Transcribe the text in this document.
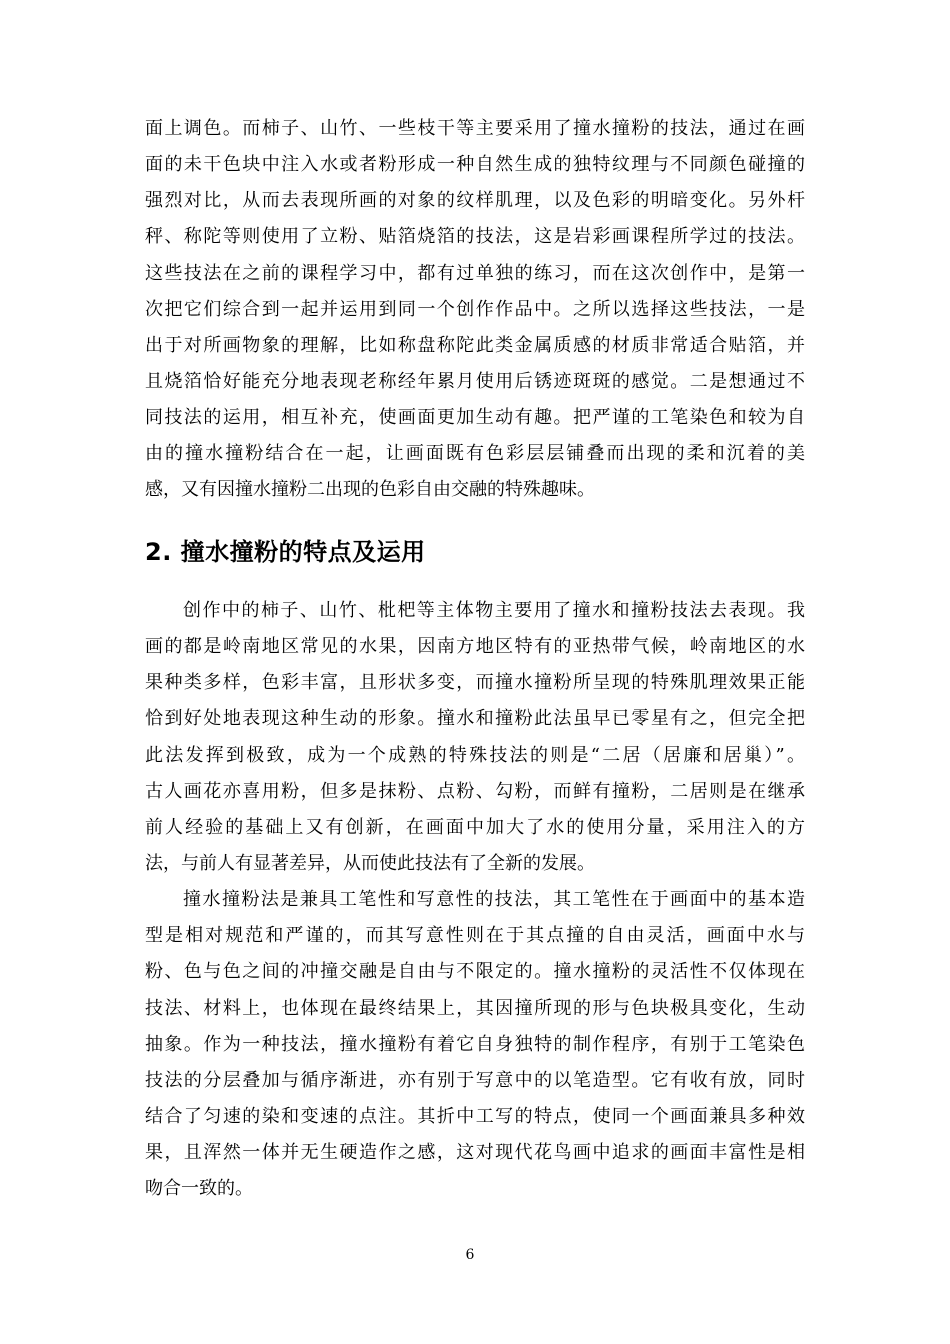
面上调色。而柿子、山竹、一些枝干等主要采用了撞水撞粉的技法，通过在画
面的未干色块中注入水或者粉形成一种自然生成的独特纹理与不同颜色碰撞的
强烈对比，从而去表现所画的对象的纹样肌理，以及色彩的明暗变化。另外杆
秤、称陀等则使用了立粉、贴箔烧箔的技法，这是岩彩画课程所学过的技法。
这些技法在之前的课程学习中，都有过单独的练习，而在这次创作中，是第一
次把它们综合到一起并运用到同一个创作作品中。之所以选择这些技法，一是
出于对所画物象的理解，比如称盘称陀此类金属质感的材质非常适合贴箔，并
且烧箔恰好能充分地表现老称经年累月使用后锈迹斑斑的感觉。二是想通过不
同技法的运用，相互补充，使画面更加生动有趣。把严谨的工笔染色和较为自
由的撞水撞粉结合在一起，让画面既有色彩层层铺叠而出现的柔和沉着的美
感，又有因撞水撞粉二出现的色彩自由交融的特殊趣味。
2. 撞水撞粉的特点及运用
创作中的柿子、山竹、枇杷等主体物主要用了撞水和撞粉技法去表现。我
画的都是岭南地区常见的水果，因南方地区特有的亚热带气候，岭南地区的水
果种类多样，色彩丰富，且形状多变，而撞水撞粉所呈现的特殊肌理效果正能
恰到好处地表现这种生动的形象。撞水和撞粉此法虽早已零星有之，但完全把
此法发挥到极致，成为一个成熟的特殊技法的则是“二居（居廉和居巢）”。
古人画花亦喜用粉，但多是抹粉、点粉、勾粉，而鲜有撞粉，二居则是在继承
前人经验的基础上又有创新，在画面中加大了水的使用分量，采用注入的方
法，与前人有显著差异，从而使此技法有了全新的发展。
撞水撞粉法是兼具工笔性和写意性的技法，其工笔性在于画面中的基本造
型是相对规范和严谨的，而其写意性则在于其点撞的自由灵活，画面中水与
粉、色与色之间的冲撞交融是自由与不限定的。撞水撞粉的灵活性不仅体现在
技法、材料上，也体现在最终结果上，其因撞所现的形与色块极具变化，生动
抽象。作为一种技法，撞水撞粉有着它自身独特的制作程序，有别于工笔染色
技法的分层叠加与循序渐进，亦有别于写意中的以笔造型。它有收有放，同时
结合了匀速的染和变速的点注。其折中工写的特点，使同一个画面兼具多种效
果，且浑然一体并无生硬造作之感，这对现代花鸟画中追求的画面丰富性是相
吻合一致的。
6
